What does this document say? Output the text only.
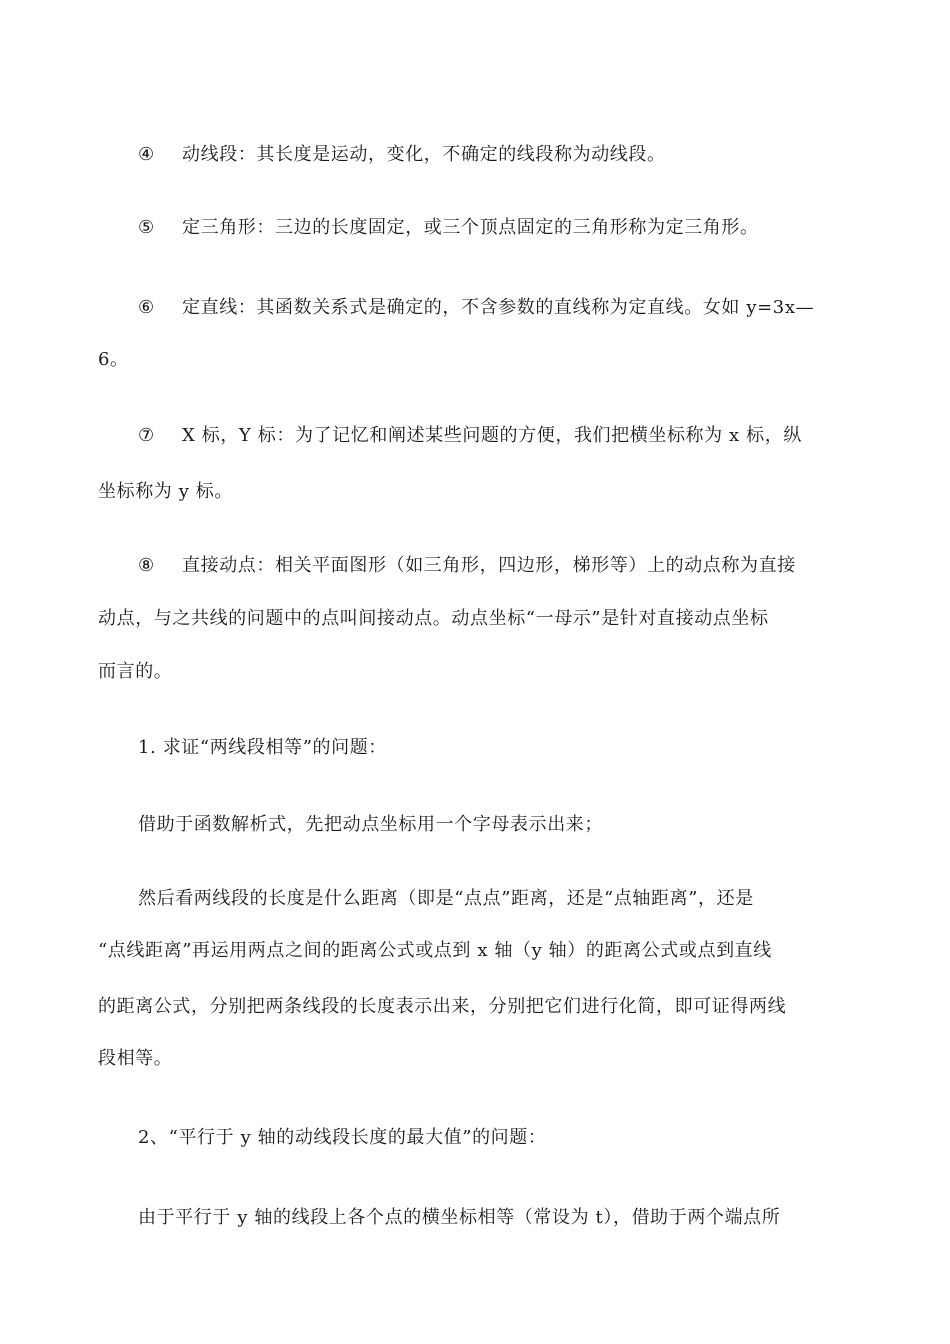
④ 动线段：其长度是运动，变化，不确定的线段称为动线段。
⑤ 定三角形：三边的长度固定，或三个顶点固定的三角形称为定三角形。
⑥ 定直线：其函数关系式是确定的，不含参数的直线称为定直线。女如 y=3x—
6。
⑦ X 标，Y 标：为了记忆和阐述某些问题的方便，我们把横坐标称为 x 标，纵
坐标称为 y 标。
⑧ 直接动点：相关平面图形（如三角形，四边形，梯形等）上的动点称为直接
动点，与之共线的问题中的点叫间接动点。动点坐标“一母示”是针对直接动点坐标
而言的。
1. 求证“两线段相等”的问题：
借助于函数解析式，先把动点坐标用一个字母表示出来；
然后看两线段的长度是什么距离（即是“点点”距离，还是“点轴距离”，还是
“点线距离”再运用两点之间的距离公式或点到 x 轴（y 轴）的距离公式或点到直线
的距离公式，分别把两条线段的长度表示出来，分别把它们进行化简，即可证得两线
段相等。
2、“平行于 y 轴的动线段长度的最大值”的问题：
由于平行于 y 轴的线段上各个点的横坐标相等（常设为 t），借助于两个端点所
